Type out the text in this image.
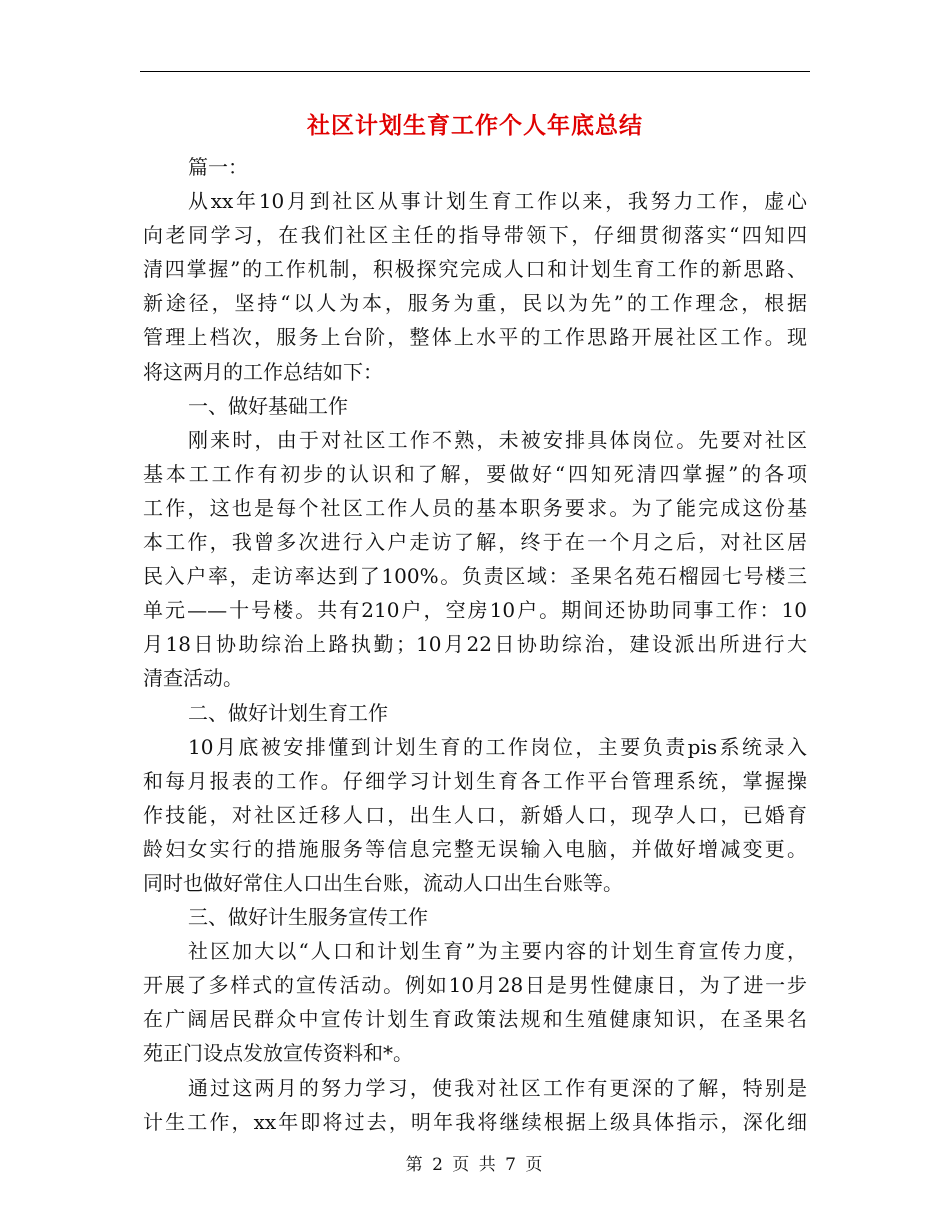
社区计划生育工作个人年底总结
篇一：
从xx年10月到社区从事计划生育工作以来，我努力工作，虚心
向老同学习，在我们社区主任的指导带领下，仔细贯彻落实“四知四
清四掌握”的工作机制，积极探究完成人口和计划生育工作的新思路、
新途径，坚持“以人为本，服务为重，民以为先”的工作理念，根据
管理上档次，服务上台阶，整体上水平的工作思路开展社区工作。现
将这两月的工作总结如下：
一、做好基础工作
刚来时，由于对社区工作不熟，未被安排具体岗位。先要对社区
基本工工作有初步的认识和了解，要做好“四知死清四掌握”的各项
工作，这也是每个社区工作人员的基本职务要求。为了能完成这份基
本工作，我曾多次进行入户走访了解，终于在一个月之后，对社区居
民入户率，走访率达到了100%。负责区域：圣果名苑石榴园七号楼三
单元——十号楼。共有210户，空房10户。期间还协助同事工作：10
月18日协助综治上路执勤；10月22日协助综治，建设派出所进行大
清查活动。
二、做好计划生育工作
10月底被安排懂到计划生育的工作岗位，主要负责pis系统录入
和每月报表的工作。仔细学习计划生育各工作平台管理系统，掌握操
作技能，对社区迁移人口，出生人口，新婚人口，现孕人口，已婚育
龄妇女实行的措施服务等信息完整无误输入电脑，并做好增减变更。
同时也做好常住人口出生台账，流动人口出生台账等。
三、做好计生服务宣传工作
社区加大以“人口和计划生育”为主要内容的计划生育宣传力度，
开展了多样式的宣传活动。例如10月28日是男性健康日，为了进一步
在广阔居民群众中宣传计划生育政策法规和生殖健康知识，在圣果名
苑正门设点发放宣传资料和*。
通过这两月的努力学习，使我对社区工作有更深的了解，特别是
计生工作，xx年即将过去，明年我将继续根据上级具体指示，深化细
第 2 页 共 7 页
